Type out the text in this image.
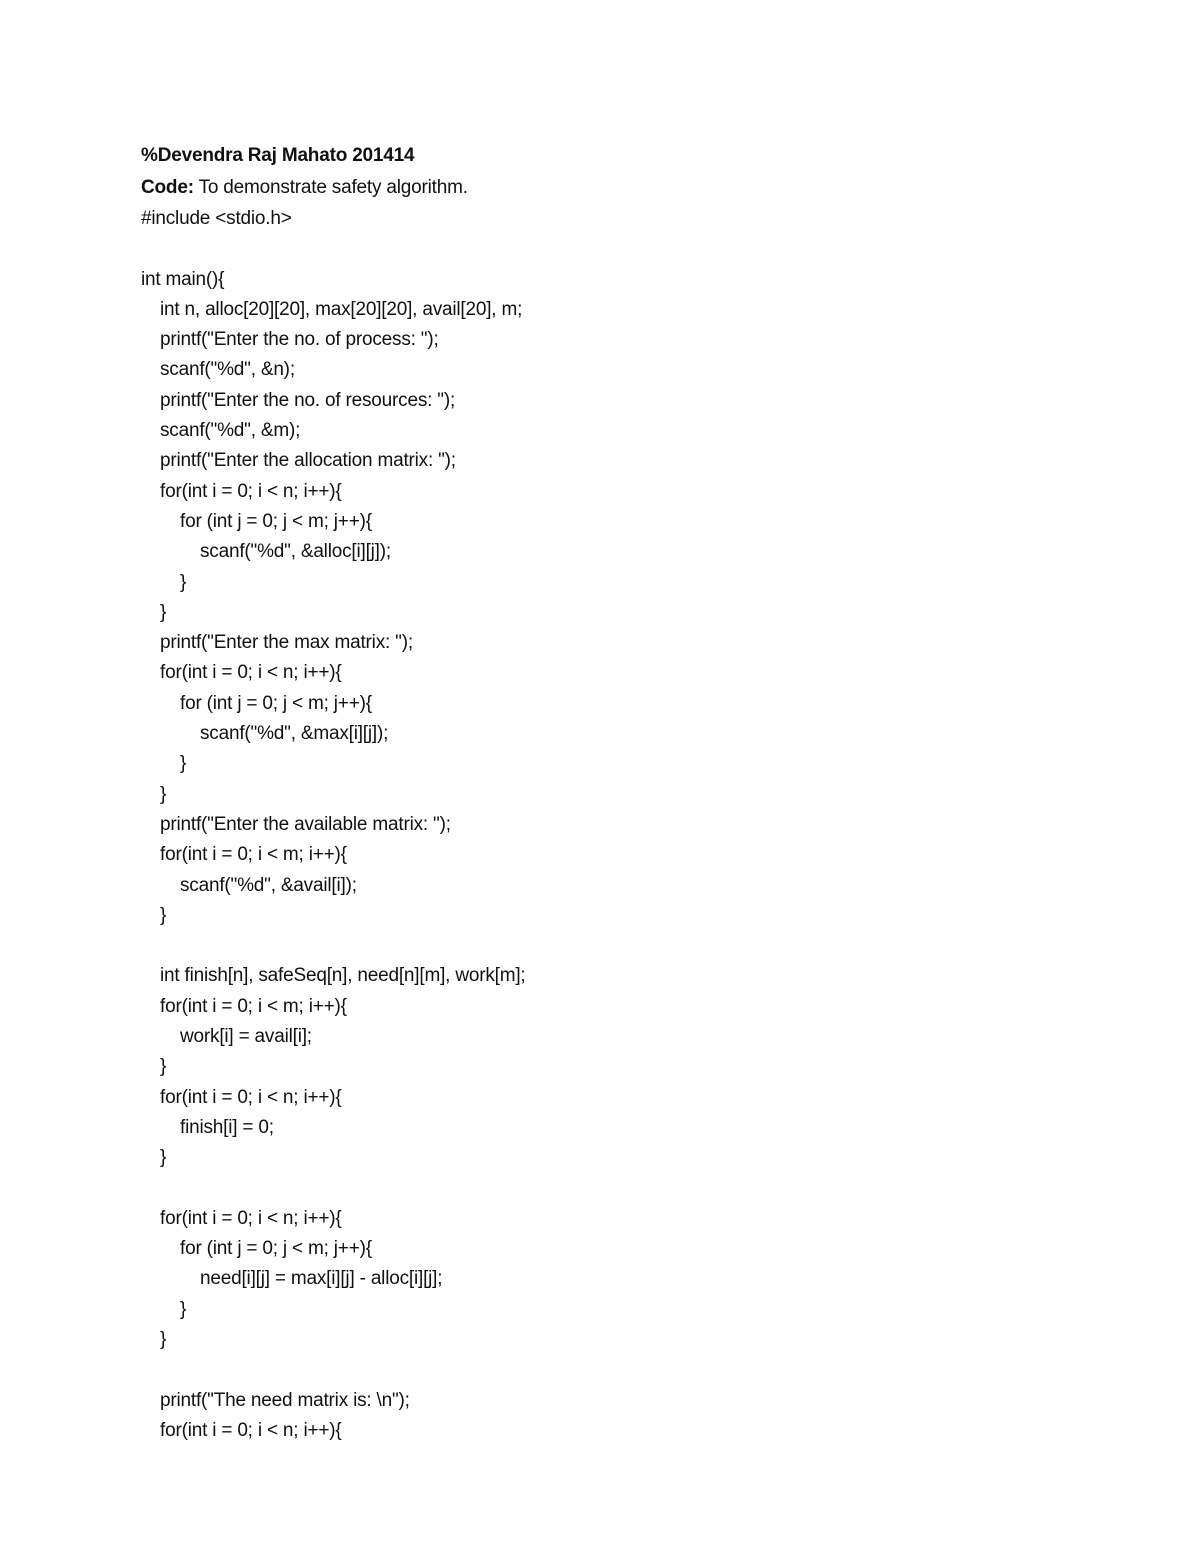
%Devendra Raj Mahato 201414
Code: To demonstrate safety algorithm.
#include <stdio.h>
int main(){
int n, alloc[20][20], max[20][20], avail[20], m;
printf("Enter the no. of process: ");
scanf("%d", &n);
printf("Enter the no. of resources: ");
scanf("%d", &m);
printf("Enter the allocation matrix: ");
for(int i = 0; i < n; i++){
for (int j = 0; j < m; j++){
scanf("%d", &alloc[i][j]);
}
}
printf("Enter the max matrix: ");
for(int i = 0; i < n; i++){
for (int j = 0; j < m; j++){
scanf("%d", &max[i][j]);
}
}
printf("Enter the available matrix: ");
for(int i = 0; i < m; i++){
scanf("%d", &avail[i]);
}
int finish[n], safeSeq[n], need[n][m], work[m];
for(int i = 0; i < m; i++){
work[i] = avail[i];
}
for(int i = 0; i < n; i++){
finish[i] = 0;
}
for(int i = 0; i < n; i++){
for (int j = 0; j < m; j++){
need[i][j] = max[i][j] - alloc[i][j];
}
}
printf("The need matrix is: \n");
for(int i = 0; i < n; i++){
